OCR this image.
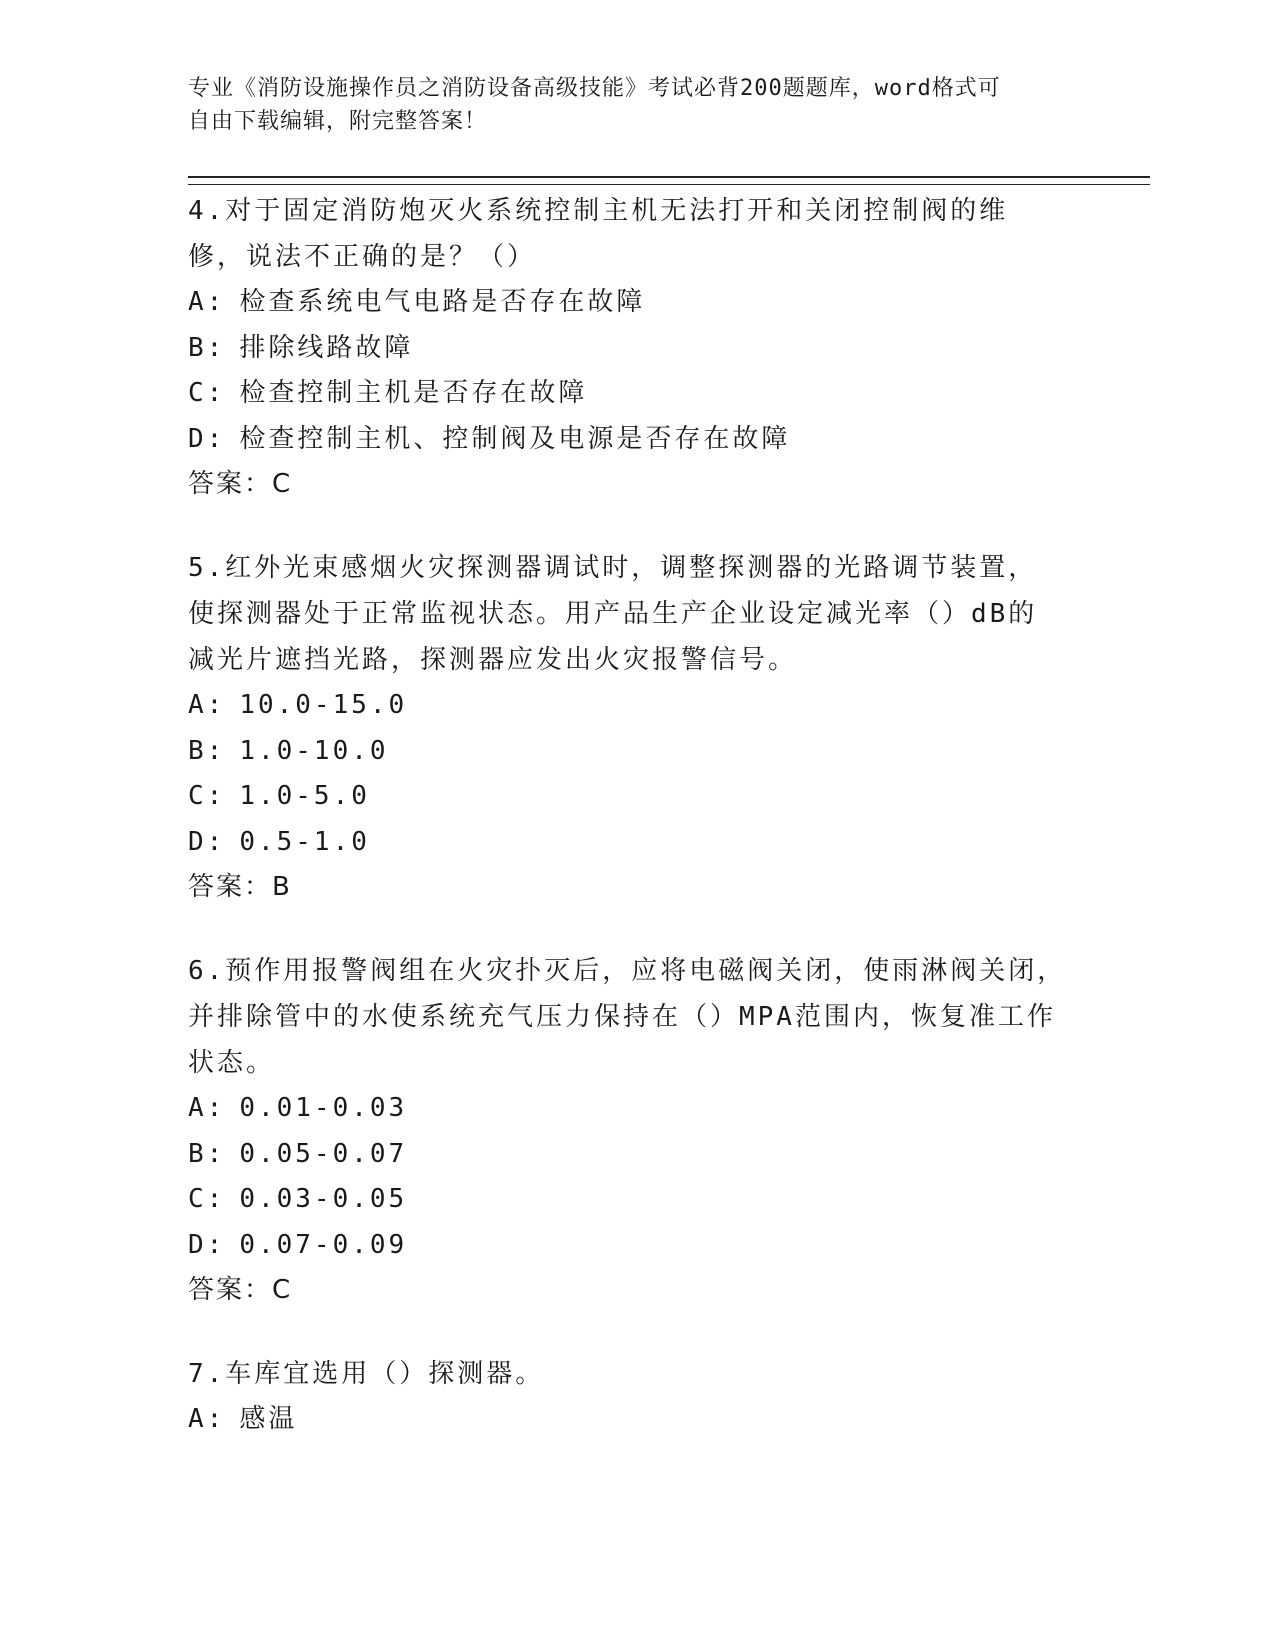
专业《消防设施操作员之消防设备高级技能》考试必背200题题库，word格式可
自由下载编辑，附完整答案！
4.对于固定消防炮灭火系统控制主机无法打开和关闭控制阀的维修，说法不正确的是？（）
A : 检查系统电气电路是否存在故障
B : 排除线路故障
C : 检查控制主机是否存在故障
D : 检查控制主机、控制阀及电源是否存在故障
答案 ： C
5.红外光束感烟火灾探测器调试时，调整探测器的光路调节装置，使探测器处于正常监视状态。用产品生产企业设定减光率（）dB的减光片遮挡光路，探测器应发出火灾报警信号。
A : 10.0-15.0
B : 1.0-10.0
C : 1.0-5.0
D : 0.5-1.0
答案 ： B
6.预作用报警阀组在火灾扑灭后，应将电磁阀关闭，使雨淋阀关闭，并排除管中的水使系统充气压力保持在（）MPA范围内，恢复准工作状态。
A : 0.01-0.03
B : 0.05-0.07
C : 0.03-0.05
D : 0.07-0.09
答案 ： C
7.车库宜选用（）探测器。
A : 感温
